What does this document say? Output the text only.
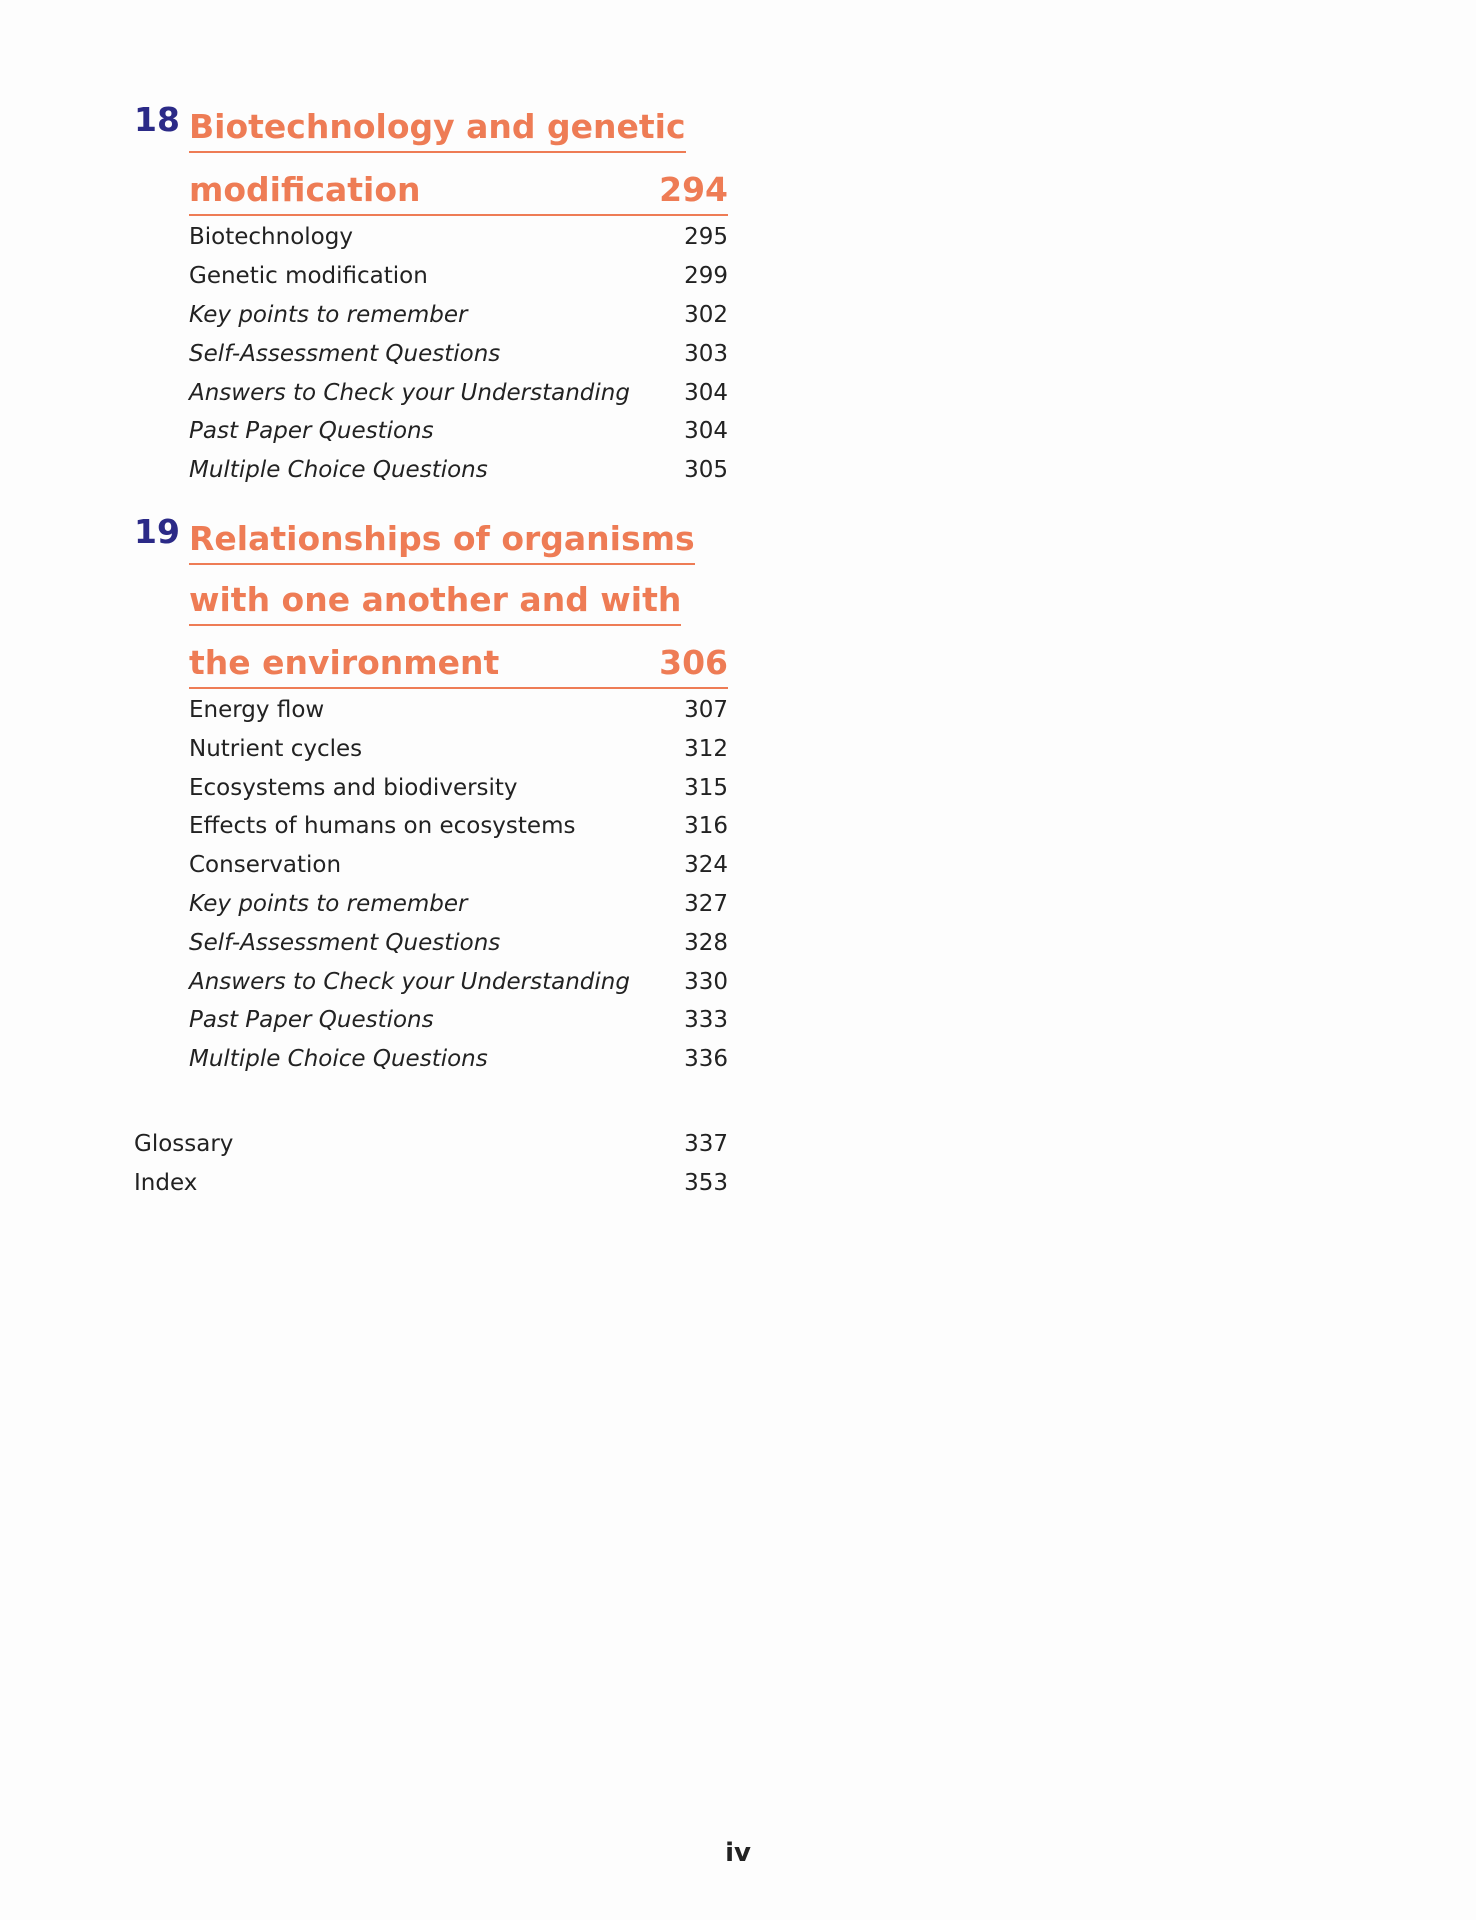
18 Biotechnology and genetic
modification	294
Biotechnology	295
Genetic modification	299
Key points to remember	302
Self-Assessment Questions	303
Answers to Check your Understanding 304
Past Paper Questions	304
Multiple Choice Questions	305
19 Relationships of organisms
with one another and with
the environment	306
Energy flow	307
Nutrient cycles	312
Ecosystems and biodiversity	315
Effects of humans on ecosystems	316
Conservation	324
Key points to remember	327
Self-Assessment Questions	328
Answers to Check your Understanding 330
Past Paper Questions	333
Multiple Choice Questions	336
Glossary	337
Index	353
iv
